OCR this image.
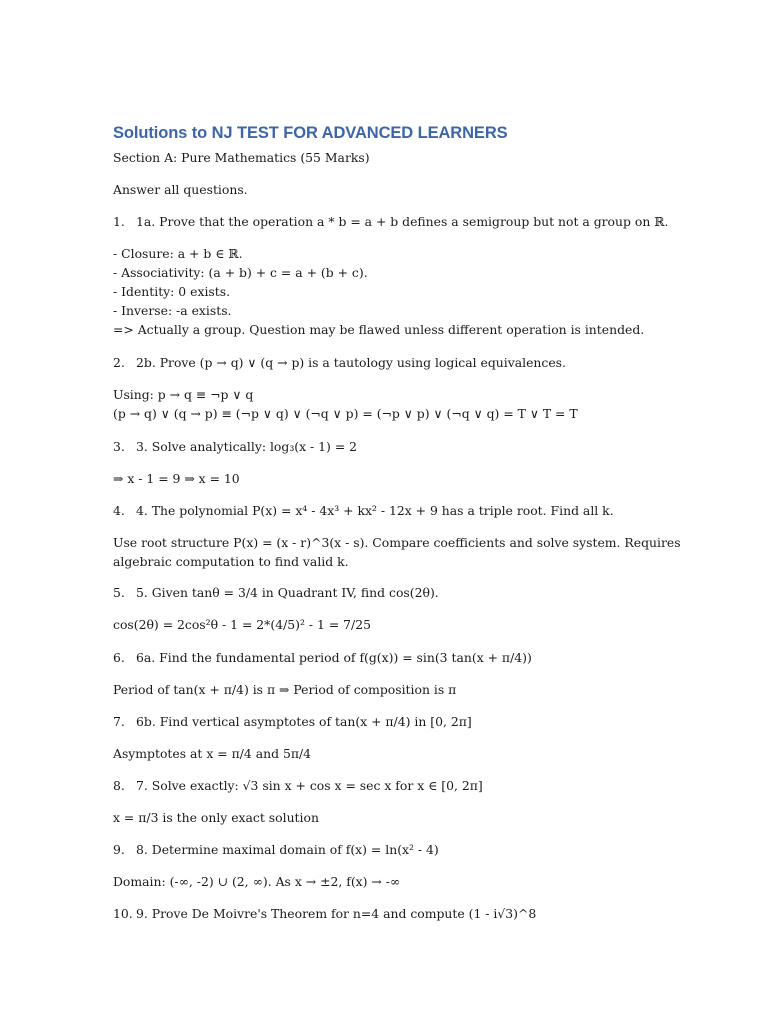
Solutions to NJ TEST FOR ADVANCED LEARNERS
Section A: Pure Mathematics (55 Marks)
Answer all questions.
1. 1a. Prove that the operation a * b = a + b defines a semigroup but not a group on ℝ.
- Closure: a + b ∈ ℝ.
- Associativity: (a + b) + c = a + (b + c).
- Identity: 0 exists.
- Inverse: -a exists.
=> Actually a group. Question may be flawed unless different operation is intended.
2. 2b. Prove (p → q) ∨ (q → p) is a tautology using logical equivalences.
Using: p → q ≡ ¬p ∨ q
(p → q) ∨ (q → p) ≡ (¬p ∨ q) ∨ (¬q ∨ p) = (¬p ∨ p) ∨ (¬q ∨ q) = T ∨ T = T
3. 3. Solve analytically: log₃(x - 1) = 2
⇒ x - 1 = 9 ⇒ x = 10
4. 4. The polynomial P(x) = x⁴ - 4x³ + kx² - 12x + 9 has a triple root. Find all k.
Use root structure P(x) = (x - r)^3(x - s). Compare coefficients and solve system. Requires
algebraic computation to find valid k.
5. 5. Given tanθ = 3/4 in Quadrant IV, find cos(2θ).
cos(2θ) = 2cos²θ - 1 = 2*(4/5)² - 1 = 7/25
6. 6a. Find the fundamental period of f(g(x)) = sin(3 tan(x + π/4))
Period of tan(x + π/4) is π ⇒ Period of composition is π
7. 6b. Find vertical asymptotes of tan(x + π/4) in [0, 2π]
Asymptotes at x = π/4 and 5π/4
8. 7. Solve exactly: √3 sin x + cos x = sec x for x ∈ [0, 2π]
x = π/3 is the only exact solution
9. 8. Determine maximal domain of f(x) = ln(x² - 4)
Domain: (-∞, -2) ∪ (2, ∞). As x → ±2, f(x) → -∞
10. 9. Prove De Moivre's Theorem for n=4 and compute (1 - i√3)^8
